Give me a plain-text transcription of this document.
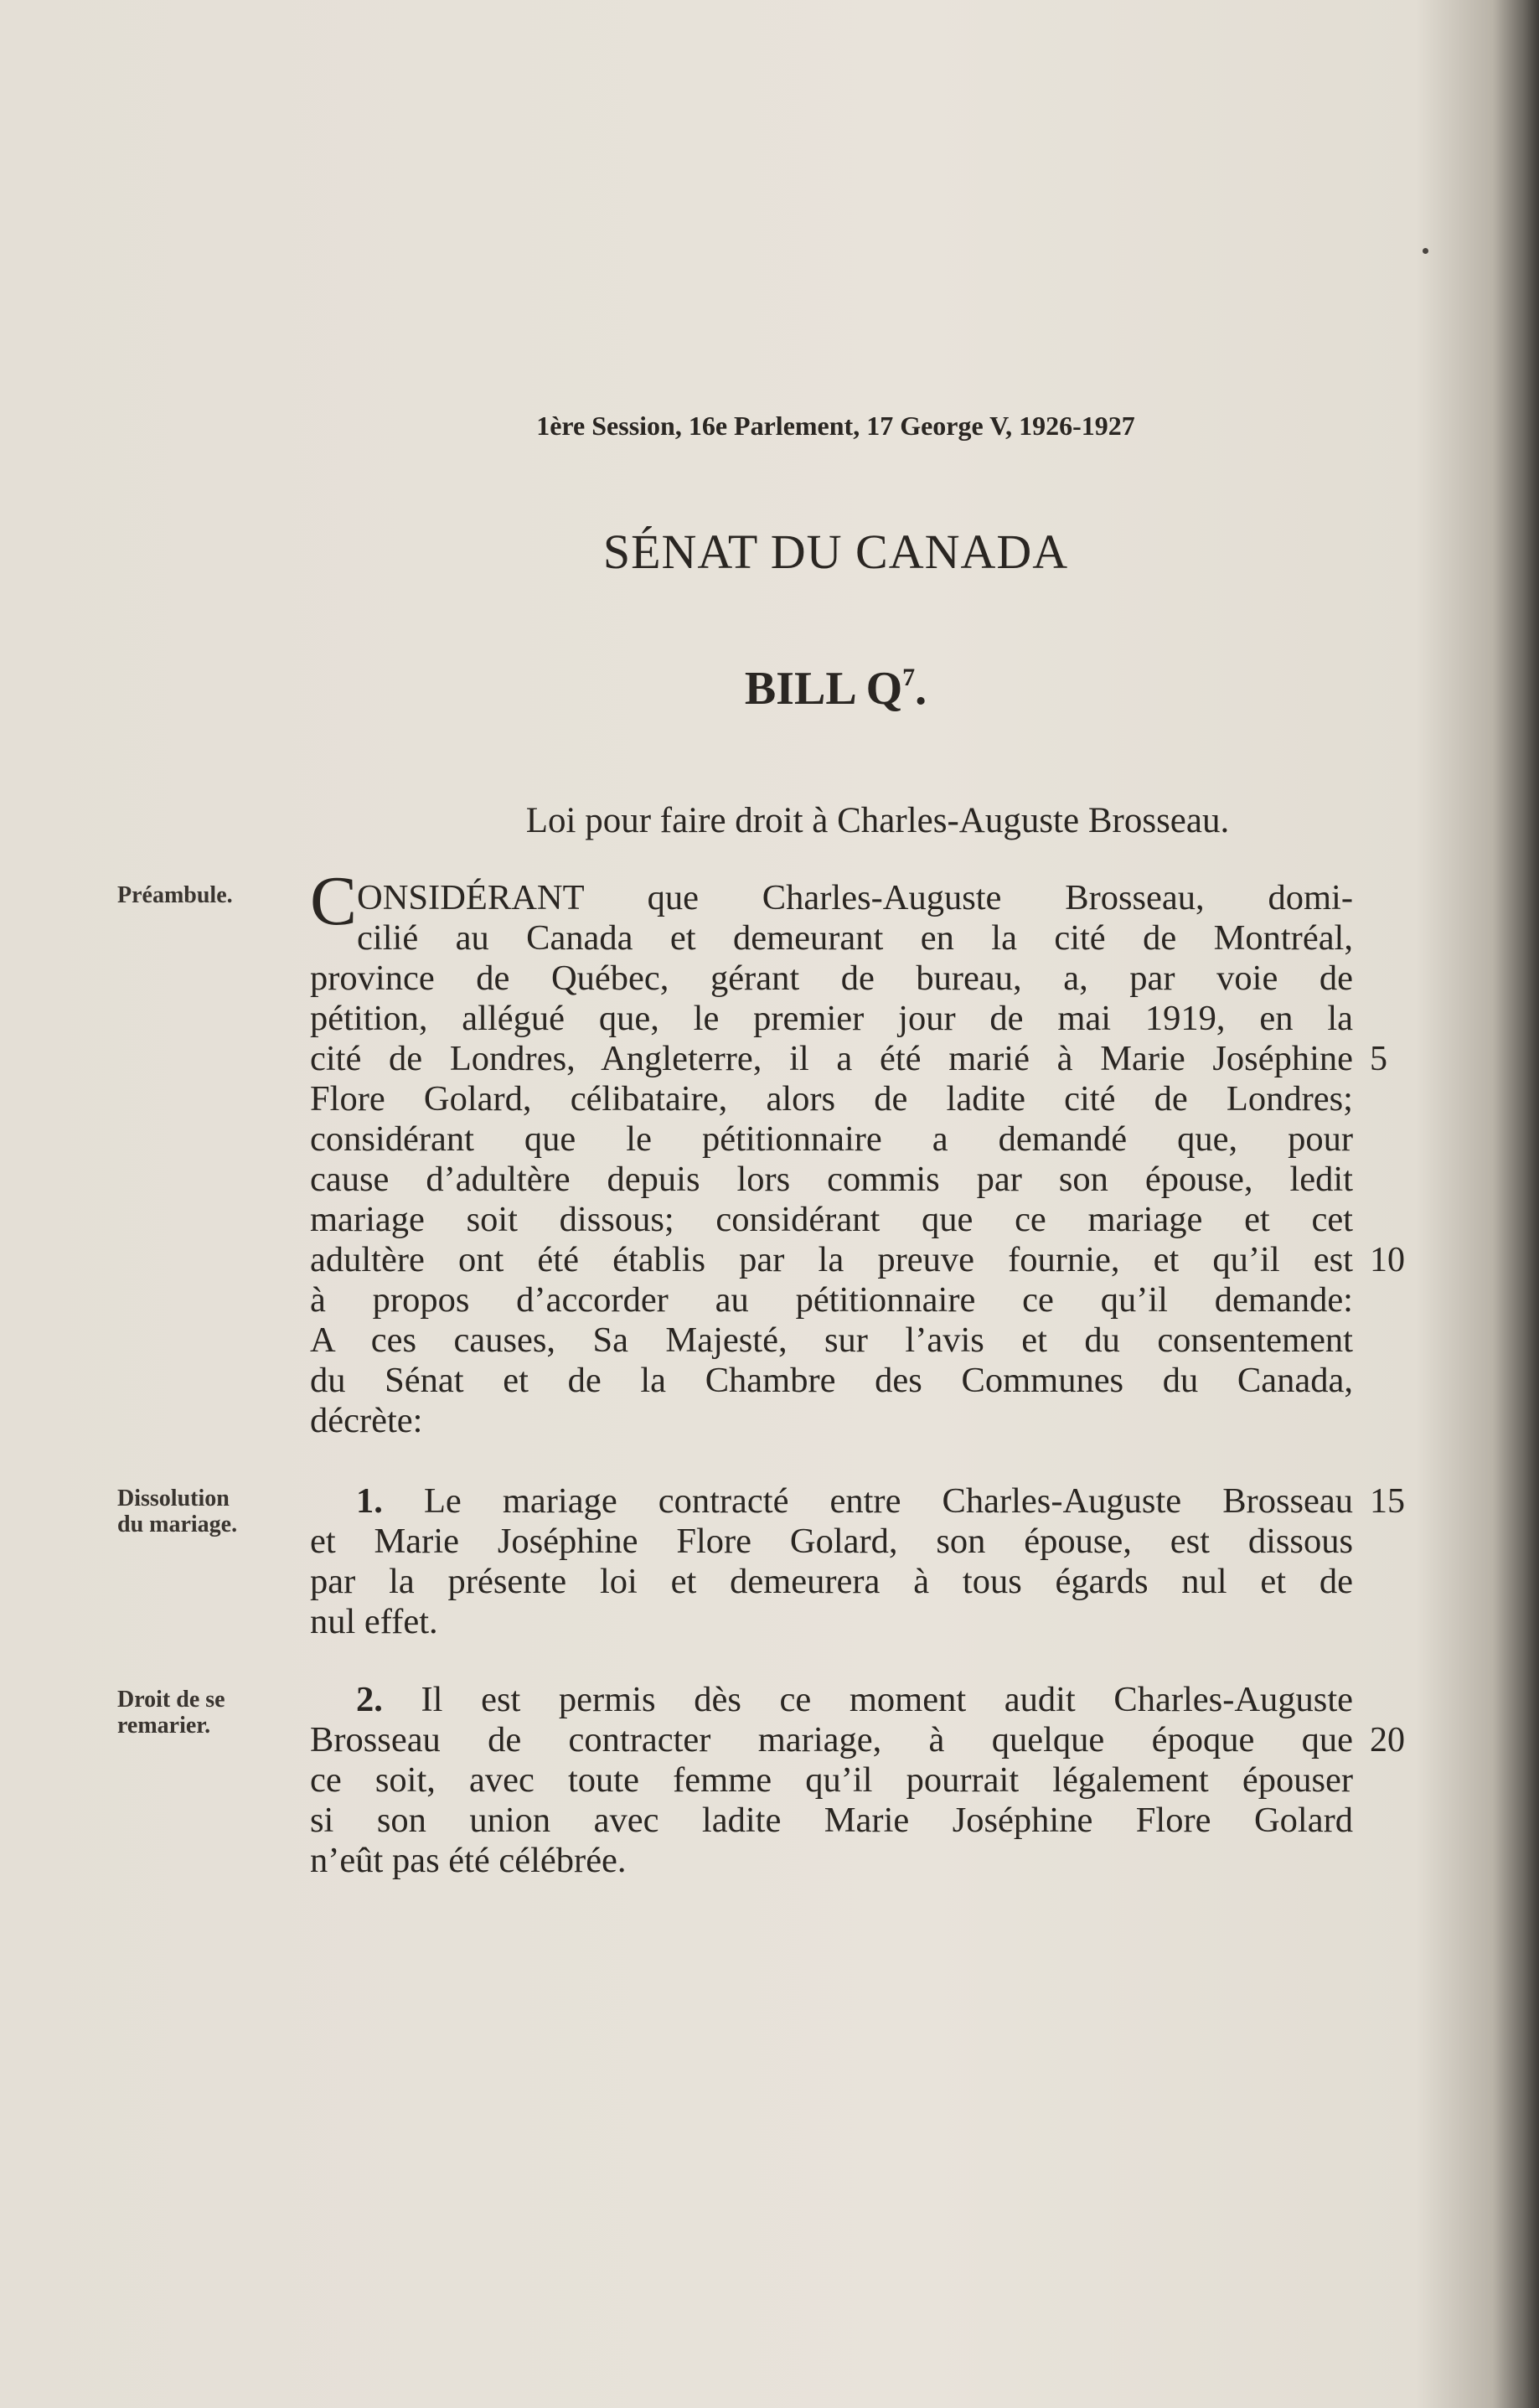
1ère Session, 16e Parlement, 17 George V, 1926-1927
SÉNAT DU CANADA
BILL $Q^7$.
Loi pour faire droit à Charles-Auguste Brosseau.
Préambule.
Dissolution
du mariage.
Droit de se
remarier.
C ONSIDÉRANT que Charles-Auguste Brosseau, domi-
cilié au Canada et demeurant en la cité de Montréal,
province de Québec, gérant de bureau, a, par voie de
pétition, allégué que, le premier jour de mai 1919, en la
cité de Londres, Angleterre, il a été marié à Marie Joséphine
Flore Golard, célibataire, alors de ladite cité de Londres;
considérant que le pétitionnaire a demandé que, pour
cause d’adultère depuis lors commis par son épouse, ledit
mariage soit dissous; considérant que ce mariage et cet
adultère ont été établis par la preuve fournie, et qu’il est
à propos d’accorder au pétitionnaire ce qu’il demande:
A ces causes, Sa Majesté, sur l’avis et du consentement
du Sénat et de la Chambre des Communes du Canada,
décrète:
1. Le mariage contracté entre Charles-Auguste Brosseau
et Marie Joséphine Flore Golard, son épouse, est dissous
par la présente loi et demeurera à tous égards nul et de
nul effet.
2. Il est permis dès ce moment audit Charles-Auguste
Brosseau de contracter mariage, à quelque époque que
ce soit, avec toute femme qu’il pourrait légalement épouser
si son union avec ladite Marie Joséphine Flore Golard
n’eût pas été célébrée.
5
10
15
20
